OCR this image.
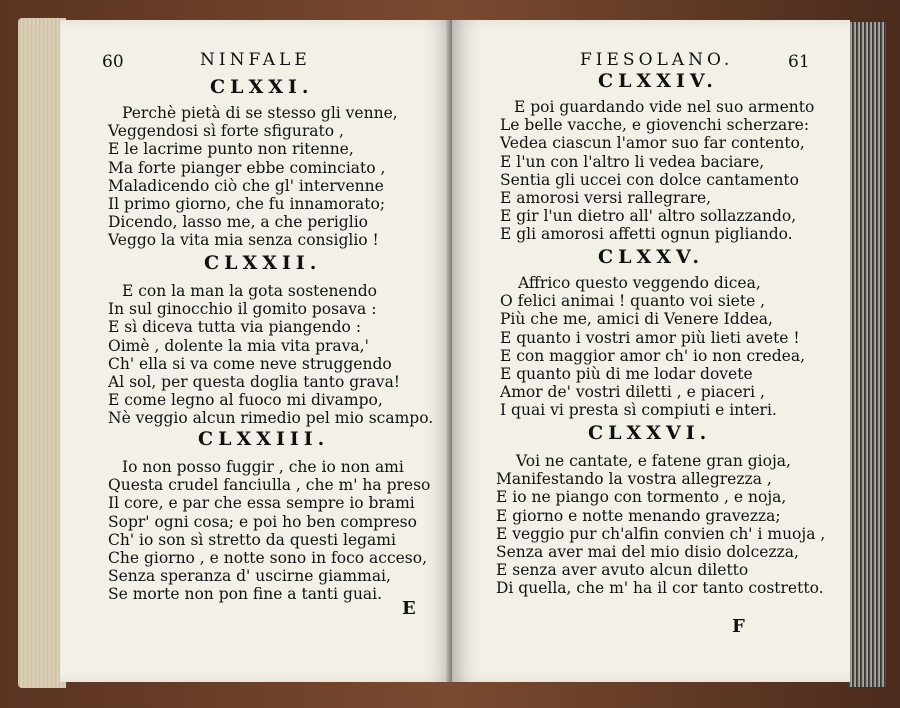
60	NINFALE
CLXXI.
Perchè pietà di se stesso gli venne,
Veggendosi sì forte sfigurato ,
E le lacrime punto non ritenne,
Ma forte pianger ebbe cominciato ,
Maladicendo ciò che gl' intervenne
Il primo giorno, che fu innamorato;
Dicendo, lasso me, a che periglio
Veggo la vita mia senza consiglio !
CLXXII.
E con la man la gota sostenendo
In sul ginocchio il gomito posava :
E sì diceva tutta via piangendo :
Oimè , dolente la mia vita prava,'
Ch' ella si va come neve struggendo
Al sol, per questa doglia tanto grava!
E come legno al fuoco mi divampo,
Nè veggio alcun rimedio pel mio scampo.
CLXXIII.
Io non posso fuggir , che io non ami
Questa crudel fanciulla , che m' ha preso
Il core, e par che essa sempre io brami
Sopr' ogni cosa; e poi ho ben compreso
Ch' io son sì stretto da questi legami
Che giorno , e notte sono in foco acceso,
Senza speranza d' uscirne giammai,
Se morte non pon fine a tanti guai.
E
FIESOLANO.	61
CLXXIV.
E poi guardando vide nel suo armento
Le belle vacche, e giovenchi scherzare:
Vedea ciascun l'amor suo far contento,
E l'un con l'altro li vedea baciare,
Sentia gli uccei con dolce cantamento
E amorosi versi rallegrare,
E gir l'un dietro all' altro sollazzando,
E gli amorosi affetti ognun pigliando.
CLXXV.
Affrico questo veggendo dicea,
O felici animai ! quanto voi siete ,
Più che me, amici di Venere Iddea,
E quanto i vostri amor più lieti avete !
E con maggior amor ch' io non credea,
E quanto più di me lodar dovete
Amor de' vostri diletti , e piaceri ,
I quai vi presta sì compiuti e interi.
CLXXVI.
Voi ne cantate, e fatene gran gioja,
Manifestando la vostra allegrezza ,
E io ne piango con tormento , e noja,
E giorno e notte menando gravezza;
E veggio pur ch'alfin convien ch' i muoja ,
Senza aver mai del mio disio dolcezza,
E senza aver avuto alcun diletto
Di quella, che m' ha il cor tanto costretto.
F
